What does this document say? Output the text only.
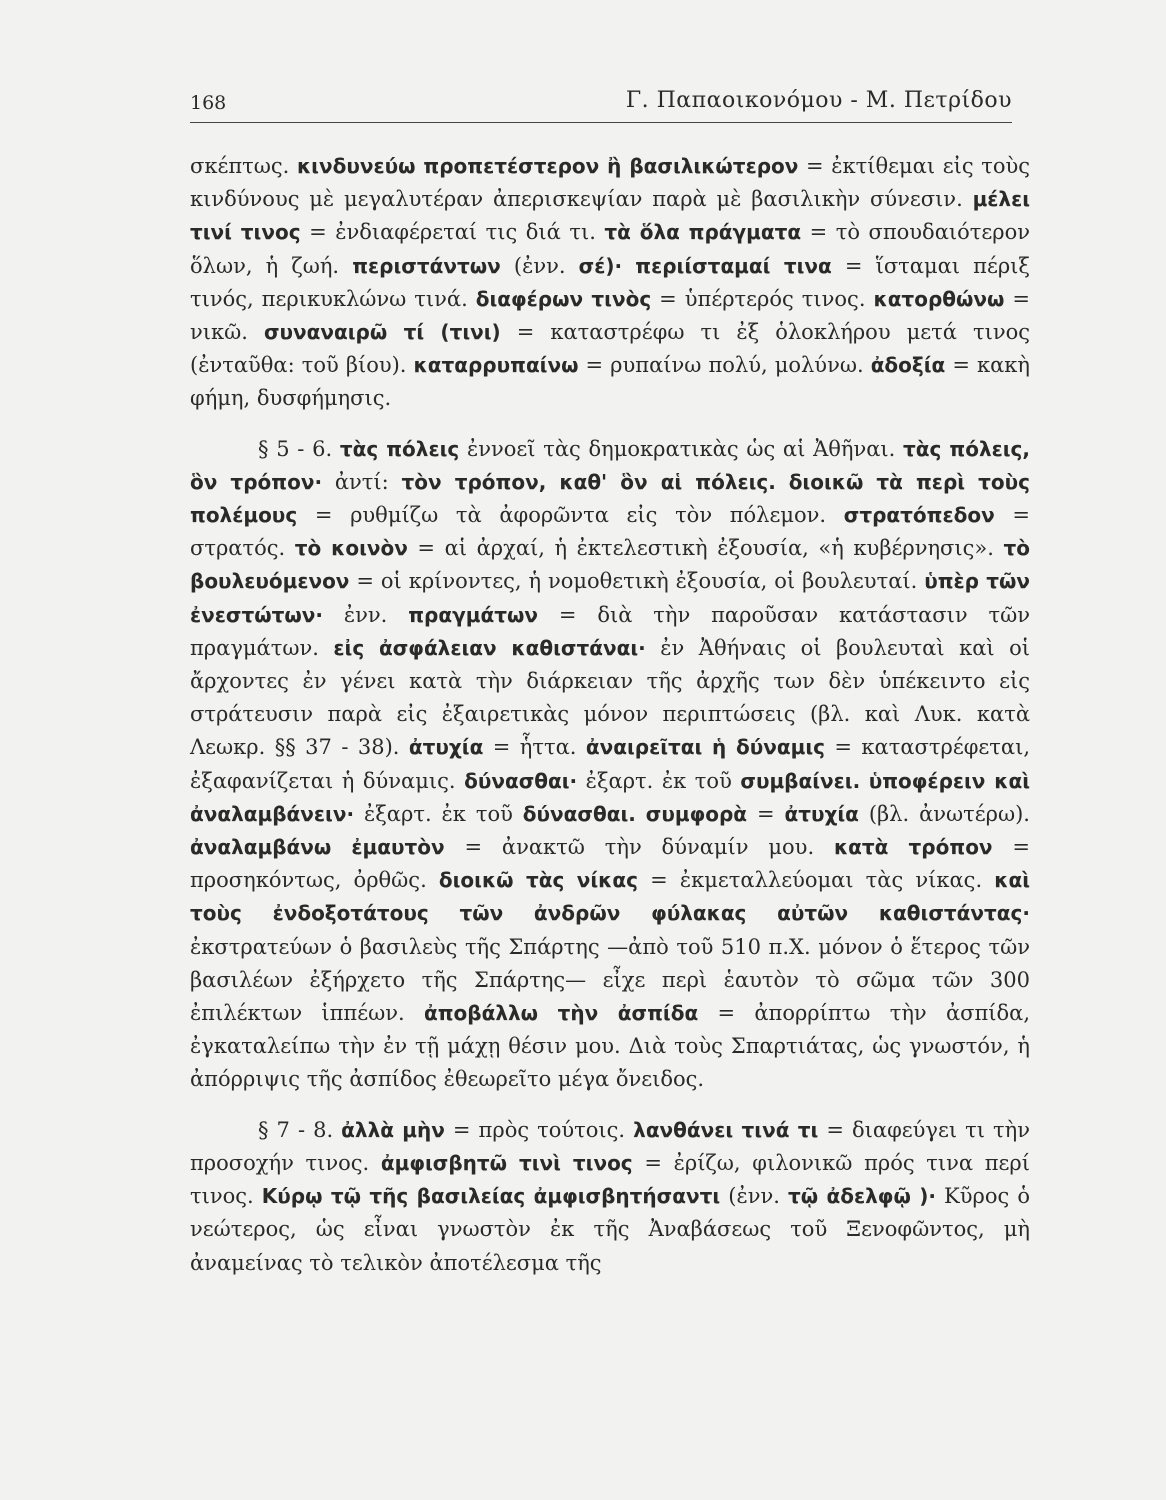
168	Γ. Παπαοικονόμου - Μ. Πετρίδου

σκέπτως. κινδυνεύω προπετέστερον ἢ βασιλικώτερον = ἐκτίθεμαι εἰς τοὺς κινδύνους μὲ μεγαλυτέραν ἀπερισκεψίαν παρὰ μὲ βασιλικὴν σύνεσιν. μέλει τινί τινος = ἐνδιαφέρεταί τις διά τι. τὰ ὅλα πράγματα = τὸ σπουδαιότερον ὅλων, ἡ ζωή. περιστάντων (ἐνν. σέ)· περιίσταμαί τινα = ἵσταμαι πέριξ τινός, περικυκλώνω τινά. διαφέρων τινὸς = ὑπέρτερός τινος. κατορθώνω = νικῶ. συναναιρῶ τί (τινι) = καταστρέφω τι ἐξ ὁλοκλήρου μετά τινος (ἐνταῦθα: τοῦ βίου). καταρρυπαίνω = ρυπαίνω πολύ, μολύνω. ἀδοξία = κακὴ φήμη, δυσφήμησις.

§ 5 - 6. τὰς πόλεις ἐννοεῖ τὰς δημοκρατικὰς ὡς αἱ Ἀθῆναι. τὰς πόλεις, ὃν τρόπον· ἀντί: τὸν τρόπον, καθ' ὃν αἱ πόλεις. διοικῶ τὰ περὶ τοὺς πολέμους = ρυθμίζω τὰ ἀφορῶντα εἰς τὸν πόλεμον. στρατόπεδον = στρατός. τὸ κοινὸν = αἱ ἀρχαί, ἡ ἐκτελεστικὴ ἐξουσία, «ἡ κυβέρνησις». τὸ βουλευόμενον = οἱ κρίνοντες, ἡ νομοθετικὴ ἐξουσία, οἱ βουλευταί. ὑπὲρ τῶν ἐνεστώτων· ἐνν. πραγμάτων = διὰ τὴν παροῦσαν κατάστασιν τῶν πραγμάτων. εἰς ἀσφάλειαν καθιστάναι· ἐν Ἀθήναις οἱ βουλευταὶ καὶ οἱ ἄρχοντες ἐν γένει κατὰ τὴν διάρκειαν τῆς ἀρχῆς των δὲν ὑπέκειντο εἰς στράτευσιν παρὰ εἰς ἐξαιρετικὰς μόνον περιπτώσεις (βλ. καὶ Λυκ. κατὰ Λεωκρ. §§ 37 - 38). ἀτυχία = ἧττα. ἀναιρεῖται ἡ δύναμις = καταστρέφεται, ἐξαφανίζεται ἡ δύναμις. δύνασθαι· ἐξαρτ. ἐκ τοῦ συμβαίνει. ὑποφέρειν καὶ ἀναλαμβάνειν· ἐξαρτ. ἐκ τοῦ δύνασθαι. συμφορὰ = ἀτυχία (βλ. ἀνωτέρω). ἀναλαμβάνω ἐμαυτὸν = ἀνακτῶ τὴν δύναμίν μου. κατὰ τρόπον = προσηκόντως, ὀρθῶς. διοικῶ τὰς νίκας = ἐκμεταλλεύομαι τὰς νίκας. καὶ τοὺς ἐνδοξοτάτους τῶν ἀνδρῶν φύλακας αὐτῶν καθιστάντας· ἐκστρατεύων ὁ βασιλεὺς τῆς Σπάρτης —ἀπὸ τοῦ 510 π.Χ. μόνον ὁ ἕτερος τῶν βασιλέων ἐξήρχετο τῆς Σπάρτης— εἶχε περὶ ἑαυτὸν τὸ σῶμα τῶν 300 ἐπιλέκτων ἱππέων. ἀποβάλλω τὴν ἀσπίδα = ἀπορρίπτω τὴν ἀσπίδα, ἐγκαταλείπω τὴν ἐν τῇ μάχῃ θέσιν μου. Διὰ τοὺς Σπαρτιάτας, ὡς γνωστόν, ἡ ἀπόρριψις τῆς ἀσπίδος ἐθεωρεῖτο μέγα ὄνειδος.

§ 7 - 8. ἀλλὰ μὴν = πρὸς τούτοις. λανθάνει τινά τι = διαφεύγει τι τὴν προσοχήν τινος. ἀμφισβητῶ τινὶ τινος = ἐρίζω, φιλονικῶ πρός τινα περί τινος. Κύρῳ τῷ τῆς βασιλείας ἀμφισβητήσαντι (ἐνν. τῷ ἀδελφῷ )· Κῦρος ὁ νεώτερος, ὡς εἶναι γνωστὸν ἐκ τῆς Ἀναβάσεως τοῦ Ξενοφῶντος, μὴ ἀναμείνας τὸ τελικὸν ἀποτέλεσμα τῆς
